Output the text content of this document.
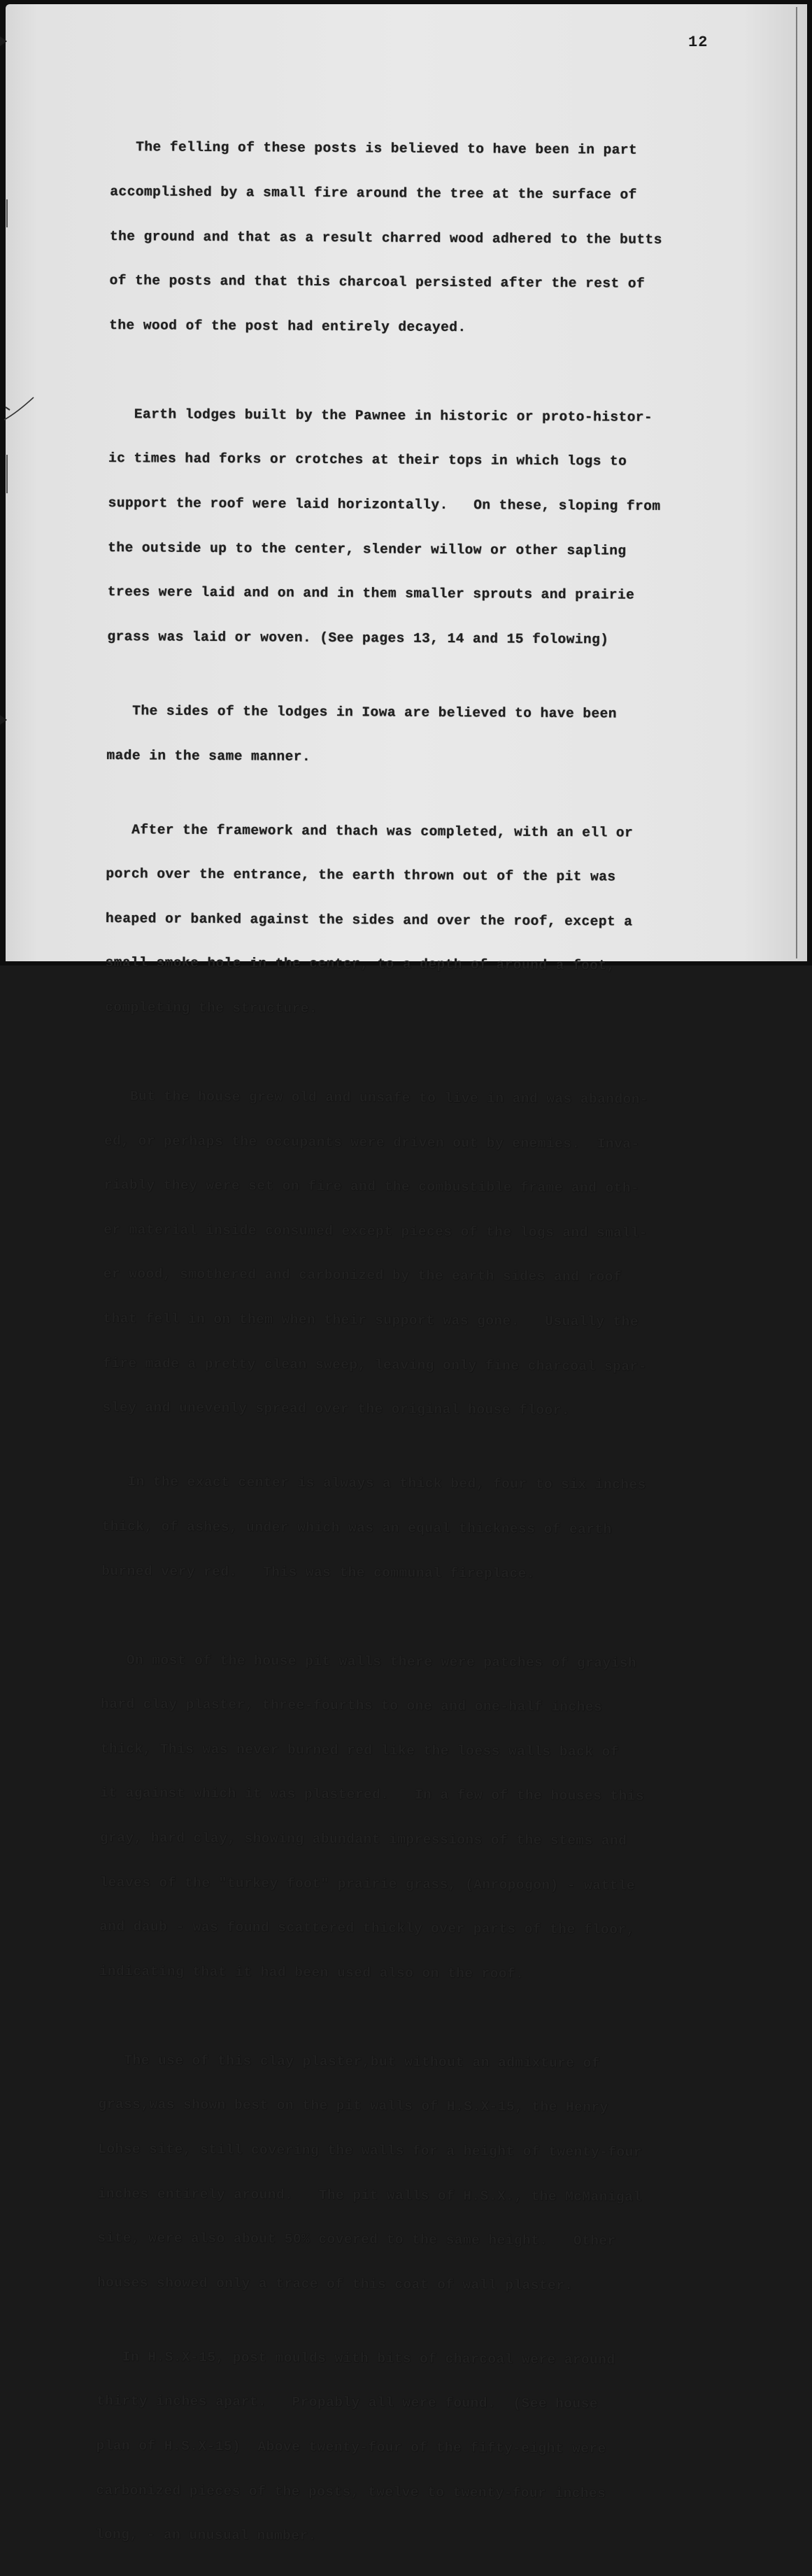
12

The felling of these posts is believed to have been in part

accomplished by a small fire around the tree at the surface of

the ground and that as a result charred wood adhered to the butts

of the posts and that this charcoal persisted after the rest of

the wood of the post had entirely decayed.

Earth lodges built by the Pawnee in historic or proto-histor-

ic times had forks or crotches at their tops in which logs to

support the roof were laid horizontally.   On these, sloping from

the outside up to the center, slender willow or other sapling

trees were laid and on and in them smaller sprouts and prairie

grass was laid or woven. (See pages 13, 14 and 15 folowing)

The sides of the lodges in Iowa are believed to have been

made in the same manner.

After the framework and thach was completed, with an ell or

porch over the entrance, the earth thrown out of the pit was

heaped or banked against the sides and over the roof, except a

small smoke hole in the center, to a depth of around a foot,

completing the structure.

But the house grew old and unsafe to live in and was abandon-

ed, or perhaps the occupants were driven out by enemies.  Inva-

riably they were set on fire and the combustible frame and oth-

er material inside consumed except pieces of the logs and small-

er wood, smothered and carbonized by the earth sides and roof

that fell in on them when their support was gone.   Usually the

fire made a pretty clean sweep, leaving only fine charcoal spar-

sley and unevenly spread over the original house floor.

In the exact center is always a thick bed, four to six inches

thick, of ashes, under which was an equal thickness of earth

burned very red.   This was the communal fireplace.

On most of the house pit walls there were patches of grayish

hard clay plaster, three-fourths to one and one-half inches

thick, This was never burned red like the loess walls back of

it against which it was plastered.   In a few of the houses this

gray, hard clay, showing abundant impressions of the stems and

leaves of the "turkey foot" prairie grass, (Anropogon) - wattle

and daub - was found scattered thickly over parts of the floor,

indicating that it had been used also on the roof.

The use of this clay plaster,but without an admixture of

grass,was shown best on the pit walls of H.S.X-15, the Henry

Lohse site, still covering the walls for a height of twenty-four

inches entirely around.   The pit walls of H.S.X., the McManigal

site, were also about 50% covered to the same height.   Other

houses showed only a trace of this coat of wall plaster.

In H.S.X-15, post moulds with bits of charcoal were around

thirty inches apart.   Propably all were found.  (See house

plan of H.S.X-15)  Above twenty-four of the fifty-eight were

carbonized pieces of the posts, twelve to twenty-four inches

long, - an unusual number.
